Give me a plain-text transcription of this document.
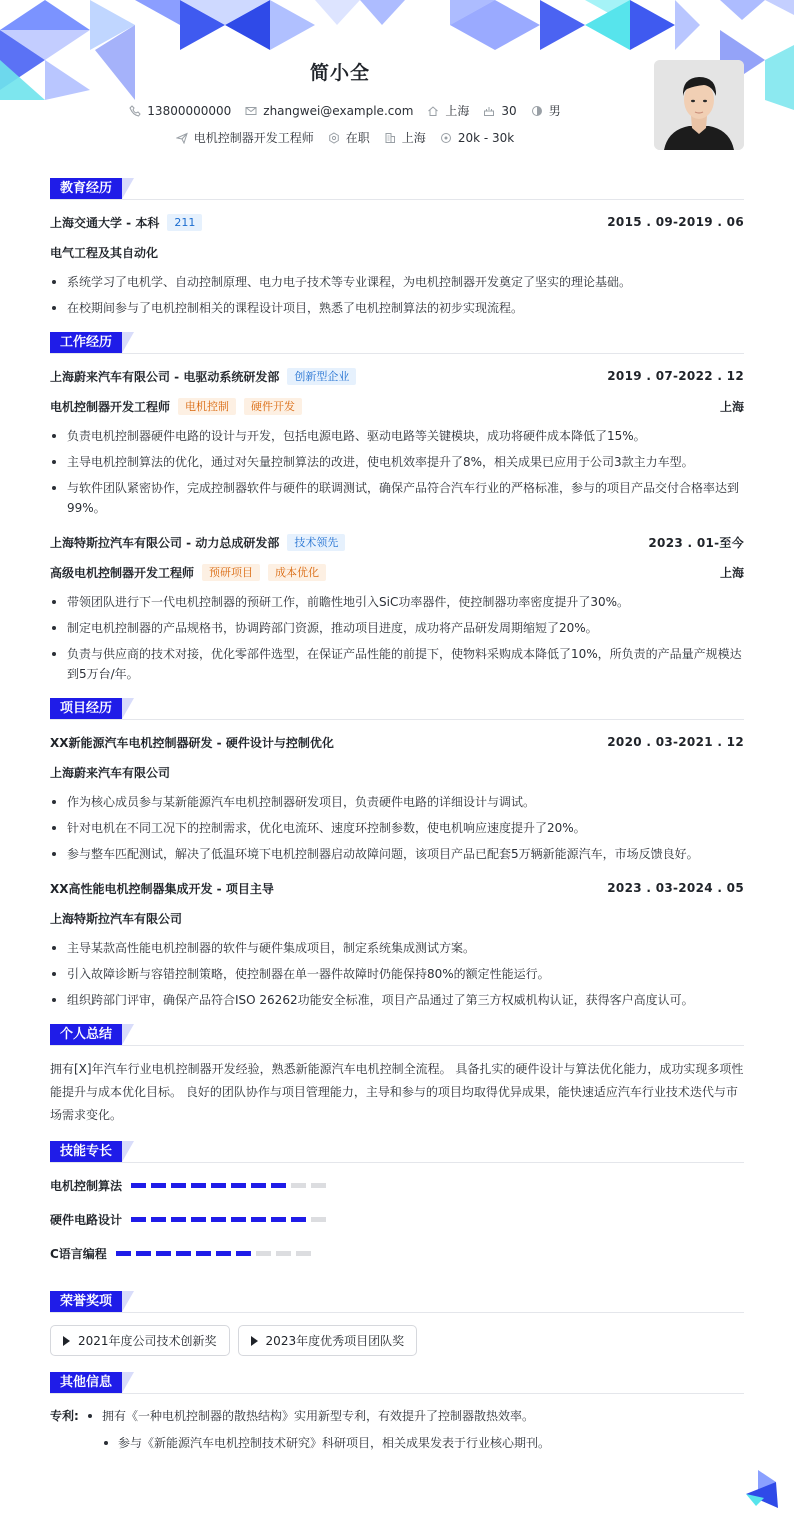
简小全
13800000000	zhangwei@example.com	上海	30	男
电机控制器开发工程师	在职	上海	20k - 30k
教育经历
上海交通大学 - 本科	211	2015 . 09-2019 . 06
电气工程及其自动化
系统学习了电机学、自动控制原理、电力电子技术等专业课程，为电机控制器开发奠定了坚实的理论基础。
在校期间参与了电机控制相关的课程设计项目，熟悉了电机控制算法的初步实现流程。
工作经历
上海蔚来汽车有限公司 - 电驱动系统研发部	创新型企业	2019 . 07-2022 . 12
电机控制器开发工程师	电机控制	硬件开发	上海
负责电机控制器硬件电路的设计与开发，包括电源电路、驱动电路等关键模块，成功将硬件成本降低了15%。
主导电机控制算法的优化，通过对矢量控制算法的改进，使电机效率提升了8%，相关成果已应用于公司3款主力车型。
与软件团队紧密协作，完成控制器软件与硬件的联调测试，确保产品符合汽车行业的严格标准，参与的项目产品交付合格率达到99%。
上海特斯拉汽车有限公司 - 动力总成研发部	技术领先	2023 . 01-至今
高级电机控制器开发工程师	预研项目	成本优化	上海
带领团队进行下一代电机控制器的预研工作，前瞻性地引入SiC功率器件，使控制器功率密度提升了30%。
制定电机控制器的产品规格书，协调跨部门资源，推动项目进度，成功将产品研发周期缩短了20%。
负责与供应商的技术对接，优化零部件选型，在保证产品性能的前提下，使物料采购成本降低了10%，所负责的产品量产规模达到5万台/年。
项目经历
XX新能源汽车电机控制器研发 - 硬件设计与控制优化	2020 . 03-2021 . 12
上海蔚来汽车有限公司
作为核心成员参与某新能源汽车电机控制器研发项目，负责硬件电路的详细设计与调试。
针对电机在不同工况下的控制需求，优化电流环、速度环控制参数，使电机响应速度提升了20%。
参与整车匹配测试，解决了低温环境下电机控制器启动故障问题，该项目产品已配套5万辆新能源汽车，市场反馈良好。
XX高性能电机控制器集成开发 - 项目主导	2023 . 03-2024 . 05
上海特斯拉汽车有限公司
主导某款高性能电机控制器的软件与硬件集成项目，制定系统集成测试方案。
引入故障诊断与容错控制策略，使控制器在单一器件故障时仍能保持80%的额定性能运行。
组织跨部门评审，确保产品符合ISO 26262功能安全标准，项目产品通过了第三方权威机构认证，获得客户高度认可。
个人总结
拥有[X]年汽车行业电机控制器开发经验，熟悉新能源汽车电机控制全流程。 具备扎实的硬件设计与算法优化能力，成功实现多项性能提升与成本优化目标。 良好的团队协作与项目管理能力，主导和参与的项目均取得优异成果，能快速适应汽车行业技术迭代与市场需求变化。
技能专长
电机控制算法
硬件电路设计
C语言编程
荣誉奖项
2021年度公司技术创新奖	2023年度优秀项目团队奖
其他信息
专利:	拥有《一种电机控制器的散热结构》实用新型专利，有效提升了控制器散热效率。
参与《新能源汽车电机控制技术研究》科研项目，相关成果发表于行业核心期刊。
